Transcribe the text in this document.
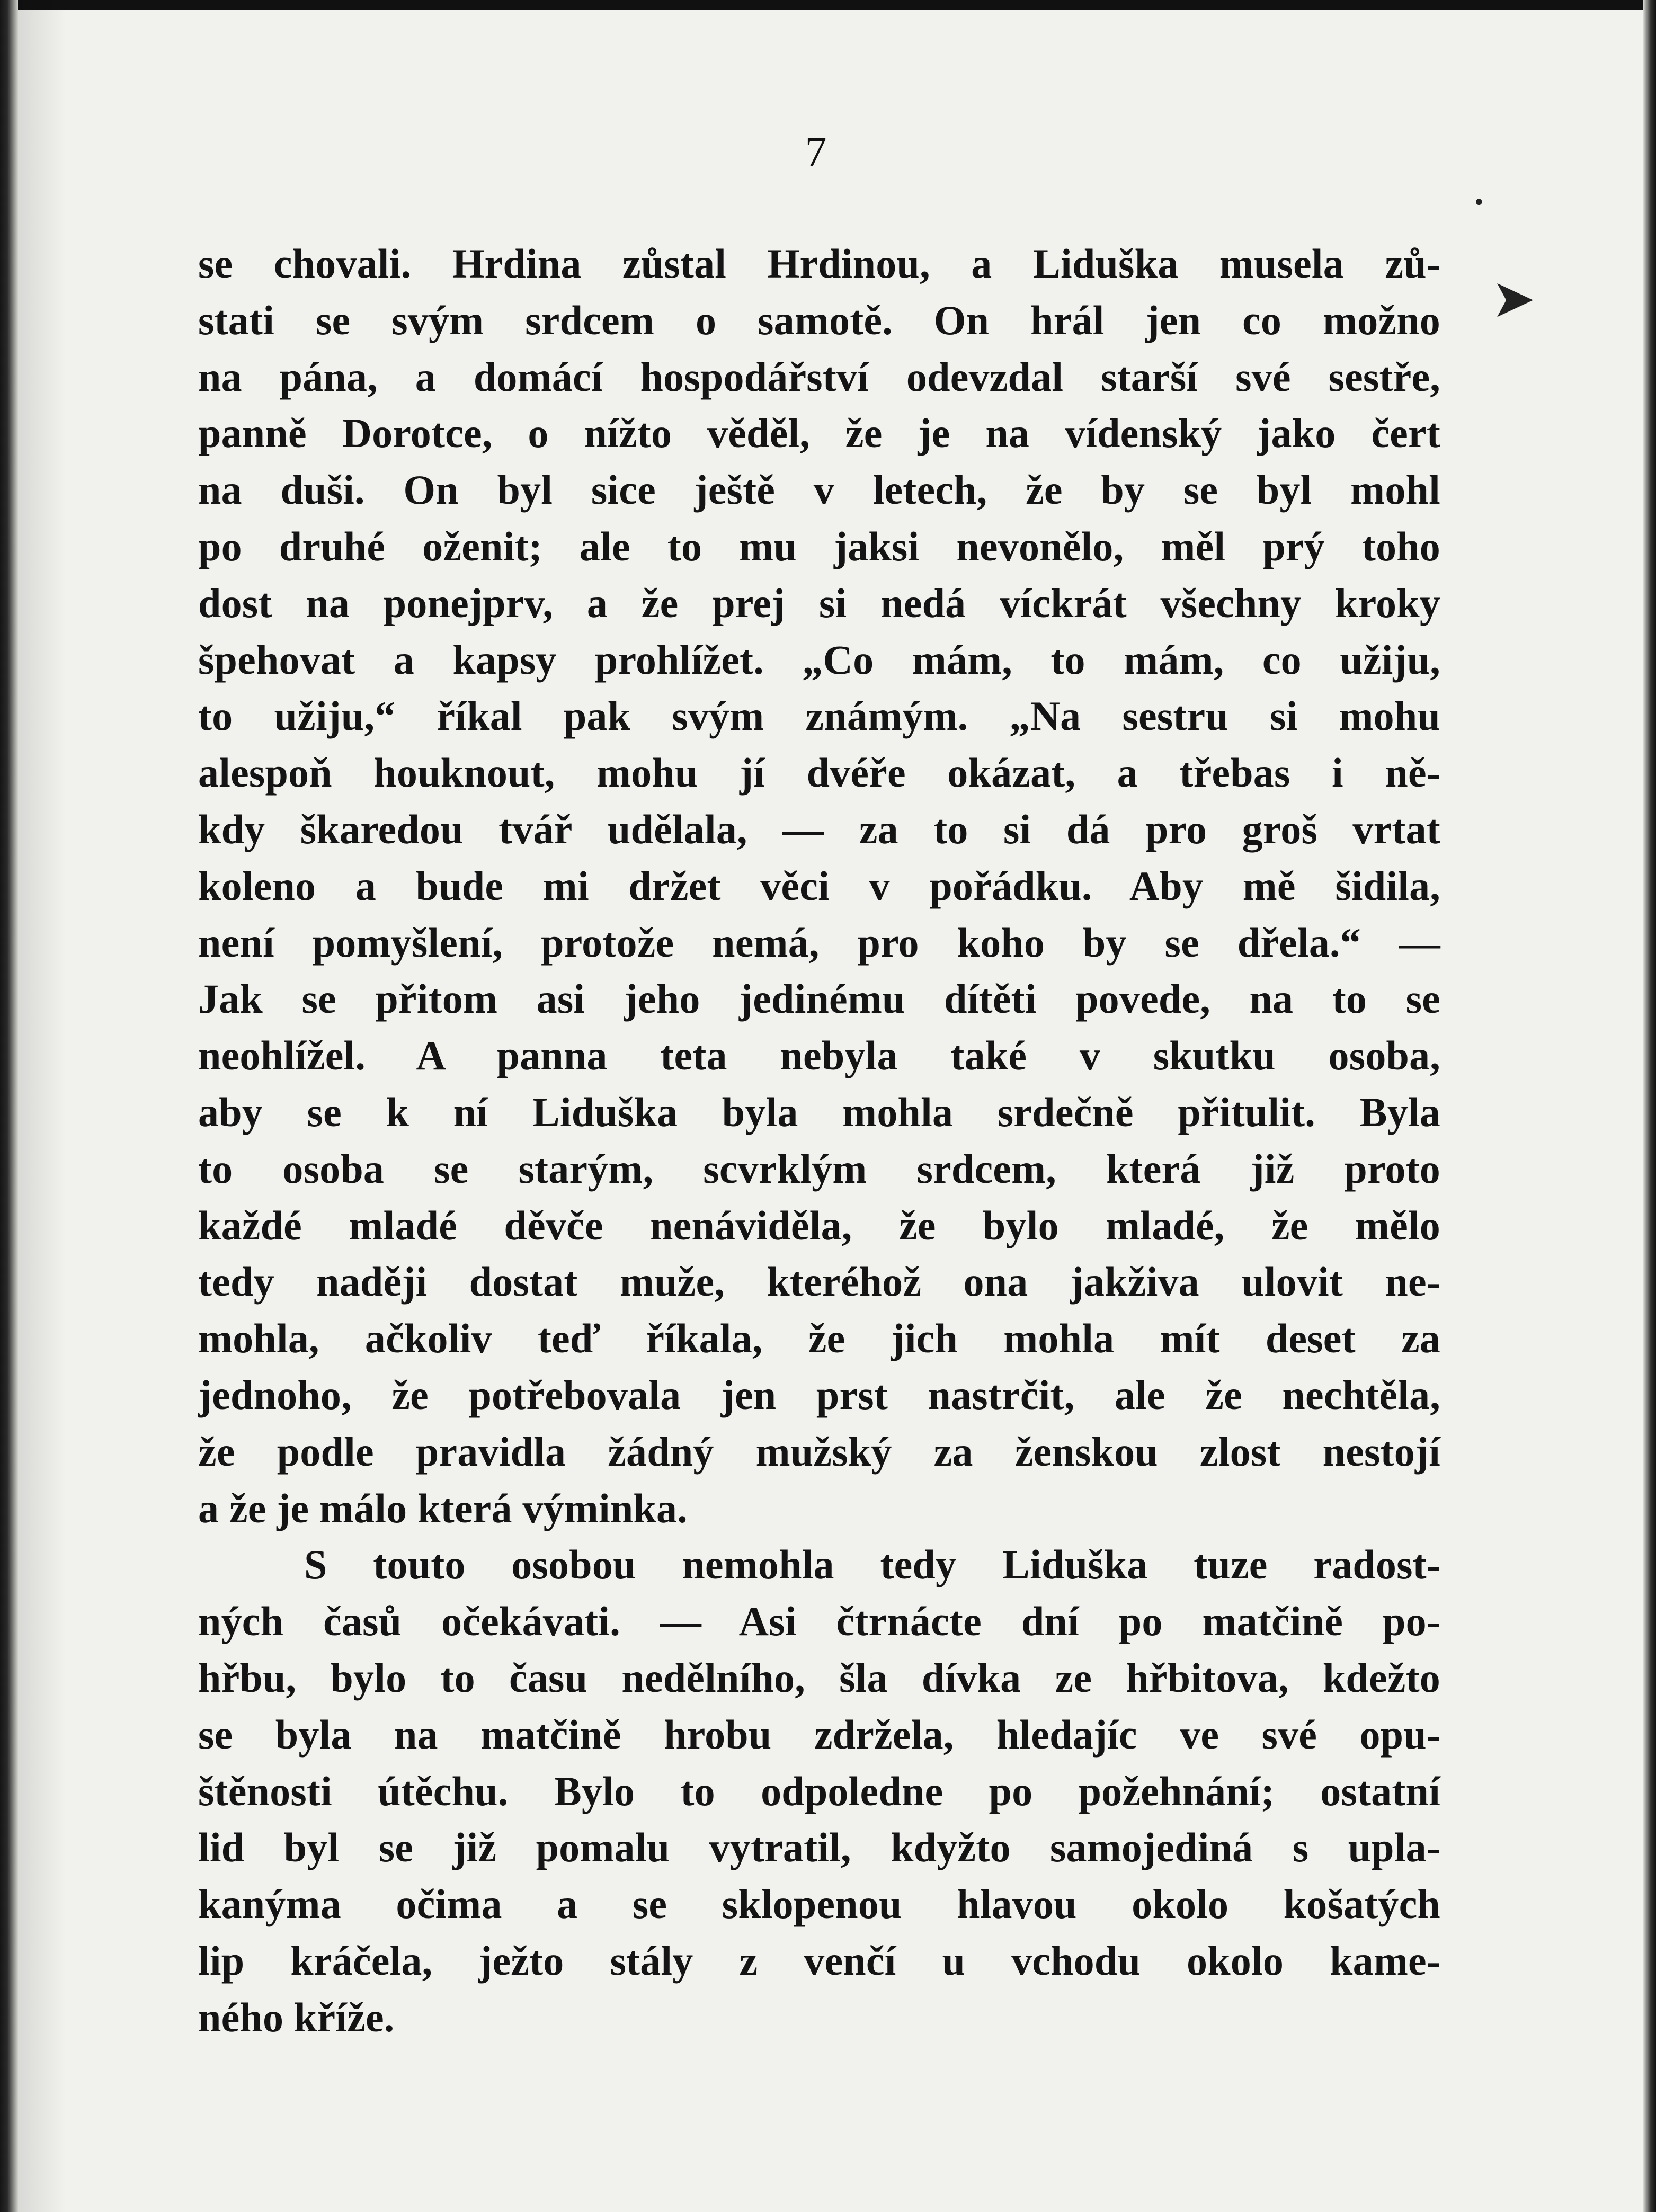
•
➤
7
se chovali. Hrdina zůstal Hrdinou, a Liduška musela zů-
stati se svým srdcem o samotě. On hrál jen co možno
na pána, a domácí hospodářství odevzdal starší své sestře,
panně Dorotce, o nížto věděl, že je na vídenský jako čert
na duši. On byl sice ještě v letech, že by se byl mohl
po druhé oženit; ale to mu jaksi nevonělo, měl prý toho
dost na ponejprv, a že prej si nedá víckrát všechny kroky
špehovat a kapsy prohlížet. „Co mám, to mám, co užiju,
to užiju,“ říkal pak svým známým. „Na sestru si mohu
alespoň houknout, mohu jí dvéře okázat, a třebas i ně-
kdy škaredou tvář udělala, — za to si dá pro groš vrtat
koleno a bude mi držet věci v pořádku. Aby mě šidila,
není pomyšlení, protože nemá, pro koho by se dřela.“ —
Jak se přitom asi jeho jedinému dítěti povede, na to se
neohlížel. A panna teta nebyla také v skutku osoba,
aby se k ní Liduška byla mohla srdečně přitulit. Byla
to osoba se starým, scvrklým srdcem, která již proto
každé mladé děvče nenáviděla, že bylo mladé, že mělo
tedy naději dostat muže, kteréhož ona jakživa ulovit ne-
mohla, ačkoliv teď říkala, že jich mohla mít deset za
jednoho, že potřebovala jen prst nastrčit, ale že nechtěla,
že podle pravidla žádný mužský za ženskou zlost nestojí
a že je málo která výminka.
S touto osobou nemohla tedy Liduška tuze radost-
ných časů očekávati. — Asi čtrnácte dní po matčině po-
hřbu, bylo to času nedělního, šla dívka ze hřbitova, kdežto
se byla na matčině hrobu zdržela, hledajíc ve své opu-
štěnosti útěchu. Bylo to odpoledne po požehnání; ostatní
lid byl se již pomalu vytratil, kdyžto samojediná s upla-
kanýma očima a se sklopenou hlavou okolo košatých
lip kráčela, ježto stály z venčí u vchodu okolo kame-
ného kříže.
